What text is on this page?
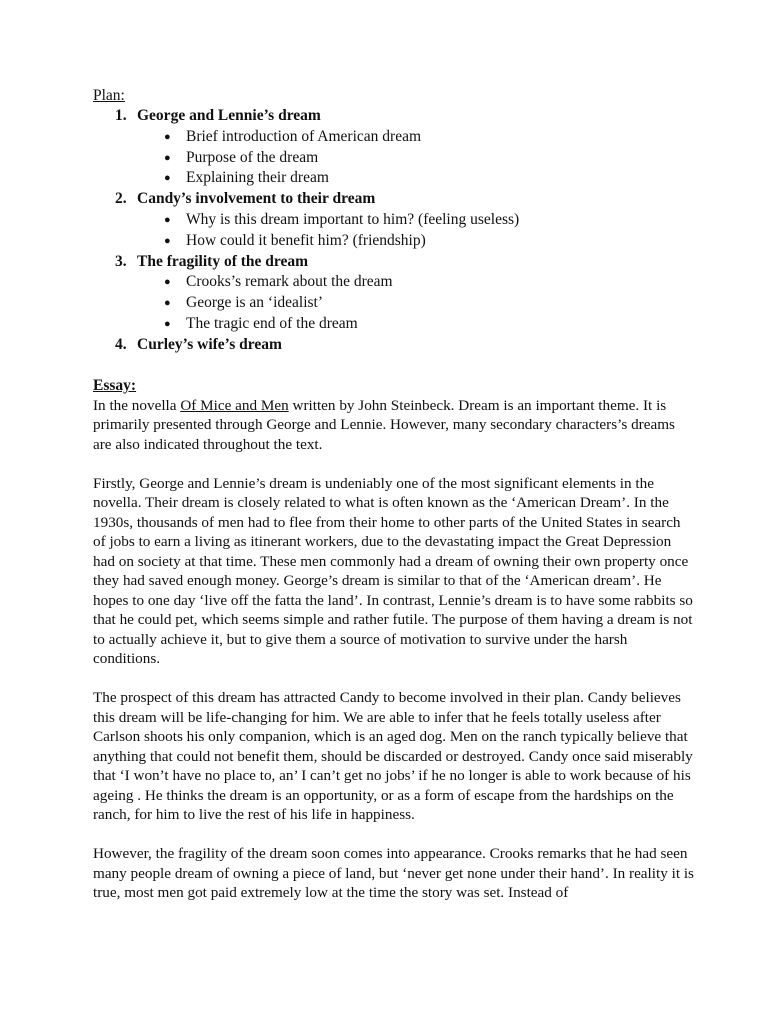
Plan:
1. George and Lennie’s dream
● Brief introduction of American dream
● Purpose of the dream
● Explaining their dream
2. Candy’s involvement to their dream
● Why is this dream important to him? (feeling useless)
● How could it benefit him? (friendship)
3. The fragility of the dream
● Crooks’s remark about the dream
● George is an ‘idealist’
● The tragic end of the dream
4. Curley’s wife’s dream
Essay:

In the novella Of Mice and Men written by John Steinbeck. Dream is an important theme. It is primarily presented through George and Lennie. However, many secondary characters’s dreams are also indicated throughout the text.

Firstly, George and Lennie’s dream is undeniably one of the most significant elements in the novella. Their dream is closely related to what is often known as the ‘American Dream’. In the 1930s, thousands of men had to flee from their home to other parts of the United States in search of jobs to earn a living as itinerant workers, due to the devastating impact the Great Depression had on society at that time. These men commonly had a dream of owning their own property once they had saved enough money. George’s dream is similar to that of the ‘American dream’. He hopes to one day ‘live off the fatta the land’. In contrast, Lennie’s dream is to have some rabbits so that he could pet, which seems simple and rather futile. The purpose of them having a dream is not to actually achieve it, but to give them a source of motivation to survive under the harsh conditions.

The prospect of this dream has attracted Candy to become involved in their plan. Candy believes this dream will be life-changing for him. We are able to infer that he feels totally useless after Carlson shoots his only companion, which is an aged dog. Men on the ranch typically believe that anything that could not benefit them, should be discarded or destroyed. Candy once said miserably that ‘I won’t have no place to, an’ I can’t get no jobs’ if he no longer is able to work because of his ageing . He thinks the dream is an opportunity, or as a form of escape from the hardships on the ranch, for him to live the rest of his life in happiness.

However, the fragility of the dream soon comes into appearance. Crooks remarks that he had seen many people dream of owning a piece of land, but ‘never get none under their hand’. In reality it is true, most men got paid extremely low at the time the story was set. Instead of
